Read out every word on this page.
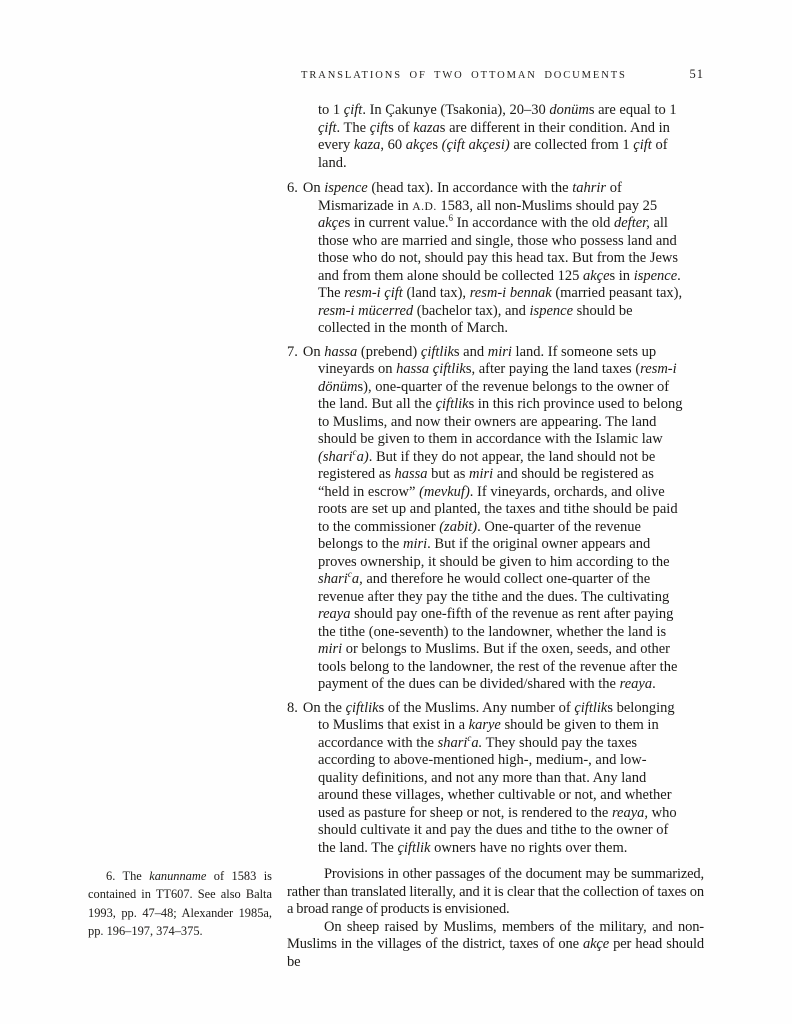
TRANSLATIONS OF TWO OTTOMAN DOCUMENTS	51
6. The kanunname of 1583 is contained in TT607. See also Balta 1993, pp. 47–48; Alexander 1985a, pp. 196–197, 374–375.

to 1 çift. In Çakunye (Tsakonia), 20–30 donüms are equal to 1 çift. The çifts of kazas are different in their condition. And in every kaza, 60 akçes (çift akçesi) are collected from 1 çift of land.

6. On ispence (head tax). In accordance with the tahrir of Mismarizade in A.D. 1583, all non-Muslims should pay 25 akçes in current value.$^6$ In accordance with the old defter, all those who are married and single, those who possess land and those who do not, should pay this head tax. But from the Jews and from them alone should be collected 125 akçes in ispence. The resm-i çift (land tax), resm-i bennak (married peasant tax), resm-i mücerred (bachelor tax), and ispence should be collected in the month of March.

7. On hassa (prebend) çiftliks and miri land. If someone sets up vineyards on hassa çiftliks, after paying the land taxes (resm-i dönüms), one-quarter of the revenue belongs to the owner of the land. But all the çiftliks in this rich province used to belong to Muslims, and now their owners are appearing. The land should be given to them in accordance with the Islamic law (shari$^c$a). But if they do not appear, the land should not be registered as hassa but as miri and should be registered as “held in escrow” (mevkuf). If vineyards, orchards, and olive roots are set up and planted, the taxes and tithe should be paid to the commissioner (zabit). One-quarter of the revenue belongs to the miri. But if the original owner appears and proves ownership, it should be given to him according to the shari$^c$a, and therefore he would collect one-quarter of the revenue after they pay the tithe and the dues. The cultivating reaya should pay one-fifth of the revenue as rent after paying the tithe (one-seventh) to the landowner, whether the land is miri or belongs to Muslims. But if the oxen, seeds, and other tools belong to the landowner, the rest of the revenue after the payment of the dues can be divided/shared with the reaya.

8. On the çiftliks of the Muslims. Any number of çiftliks belonging to Muslims that exist in a karye should be given to them in accordance with the shari$^c$a. They should pay the taxes according to above-mentioned high-, medium-, and low-quality definitions, and not any more than that. Any land around these villages, whether cultivable or not, and whether used as pasture for sheep or not, is rendered to the reaya, who should cultivate it and pay the dues and tithe to the owner of the land. The çiftlik owners have no rights over them.

Provisions in other passages of the document may be summarized, rather than translated literally, and it is clear that the collection of taxes on a broad range of products is envisioned.

On sheep raised by Muslims, members of the military, and non-Muslims in the villages of the district, taxes of one akçe per head should be
